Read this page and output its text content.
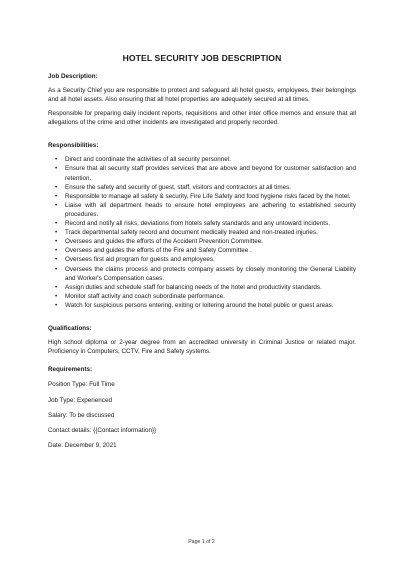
HOTEL SECURITY JOB DESCRIPTION
Job Description:

As a Security Chief you are responsible to protect and safeguard all hotel guests, employees, their belongings and all hotel assets. Also ensuring that all hotel properties are adequately secured at all times.

Responsible for preparing daily incident reports, requisitions and other inter office memos and ensure that all allegations of the crime and other incidents are investigated and properly recorded.

Responsibilities:
• Direct and coordinate the activities of all security personnel.
• Ensure that all security staff provides services that are above and beyond for customer satisfaction and retention.
• Ensure the safety and security of guest, staff, visitors and contractors at all times.
• Responsible to manage all safety & security, Fire Life Safety and food hygiene risks faced by the hotel.
• Liaise with all department heads to ensure hotel employees are adhering to established security procedures.
• Record and notify all risks, deviations from hotels safety standards and any untoward incidents.
• Track departmental safety record and document medically treated and non-treated injuries.
• Oversees and guides the efforts of the Accident Prevention Committee.
• Oversees and guides the efforts of the Fire and Safety Committee .
• Oversees first aid program for guests and employees.
• Oversees the claims process and protects company assets by closely monitoring the General Liability and Worker's Compensation cases.
• Assign duties and schedule staff for balancing needs of the hotel and productivity standards.
• Monitor staff activity and coach subordinate performance.
• Watch for suspicious persons entering, exiting or loitering around the hotel public or guest areas.
Qualifications:

High school diploma or 2-year degree from an accredited university in Criminal Justice or related major. Proficiency in Computers, CCTV, Fire and Safety systems.

Requirements:
Position Type: Full Time
Job Type: Experienced
Salary: To be discussed
Contact details: {{Contact information}}
Date: December 9, 2021
Page 1 of 2
